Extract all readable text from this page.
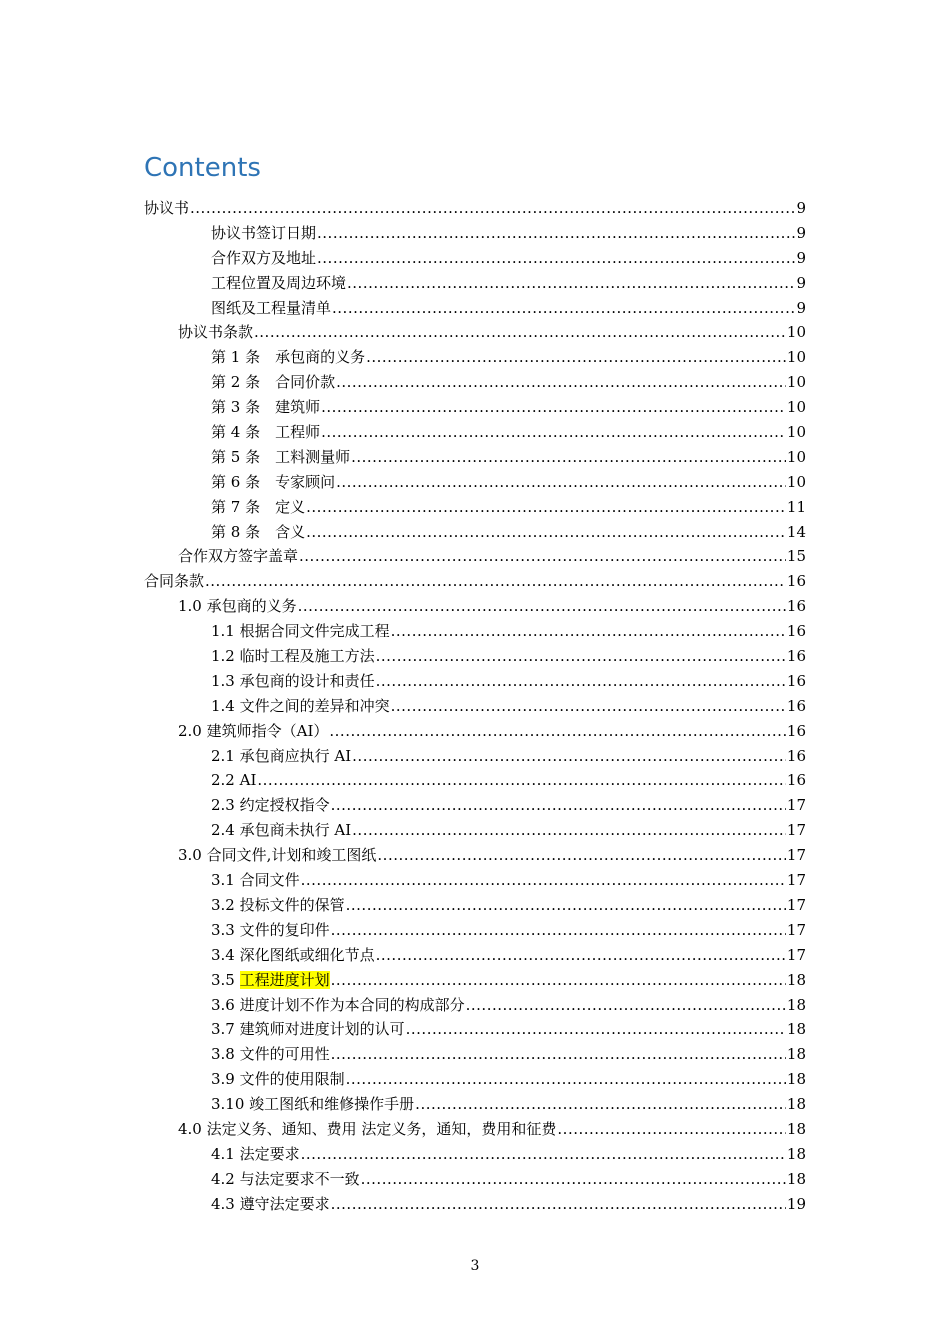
Contents
协议书 .....	9
协议书签订日期 .....	9
合作双方及地址 .....	9
工程位置及周边环境 .....	9
图纸及工程量清单 .....	9
协议书条款 .....	10
第 1 条　承包商的义务 .....	10
第 2 条　合同价款 .....	10
第 3 条　建筑师 .....	10
第 4 条　工程师 .....	10
第 5 条　工料测量师 .....	10
第 6 条　专家顾问 .....	10
第 7 条　定义 .....	11
第 8 条　含义 .....	14
合作双方签字盖章 .....	15
合同条款 .....	16
1.0 承包商的义务 .....	16
1.1 根据合同文件完成工程 .....	16
1.2 临时工程及施工方法 .....	16
1.3 承包商的设计和责任 .....	16
1.4 文件之间的差异和冲突 .....	16
2.0 建筑师指令（AI） .....	16
2.1 承包商应执行 AI .....	16
2.2 AI .....	16
2.3 约定授权指令 .....	17
2.4 承包商未执行 AI .....	17
3.0 合同文件,计划和竣工图纸 .....	17
3.1 合同文件 .....	17
3.2 投标文件的保管 .....	17
3.3 文件的复印件 .....	17
3.4 深化图纸或细化节点 .....	17
3.5 工程进度计划 .....	18
3.6 进度计划不作为本合同的构成部分 .....	18
3.7 建筑师对进度计划的认可 .....	18
3.8 文件的可用性 .....	18
3.9 文件的使用限制 .....	18
3.10 竣工图纸和维修操作手册 .....	18
4.0 法定义务、通知、费用 法定义务，通知，费用和征费 .....	18
4.1 法定要求 .....	18
4.2 与法定要求不一致 .....	18
4.3 遵守法定要求 .....	19
3
